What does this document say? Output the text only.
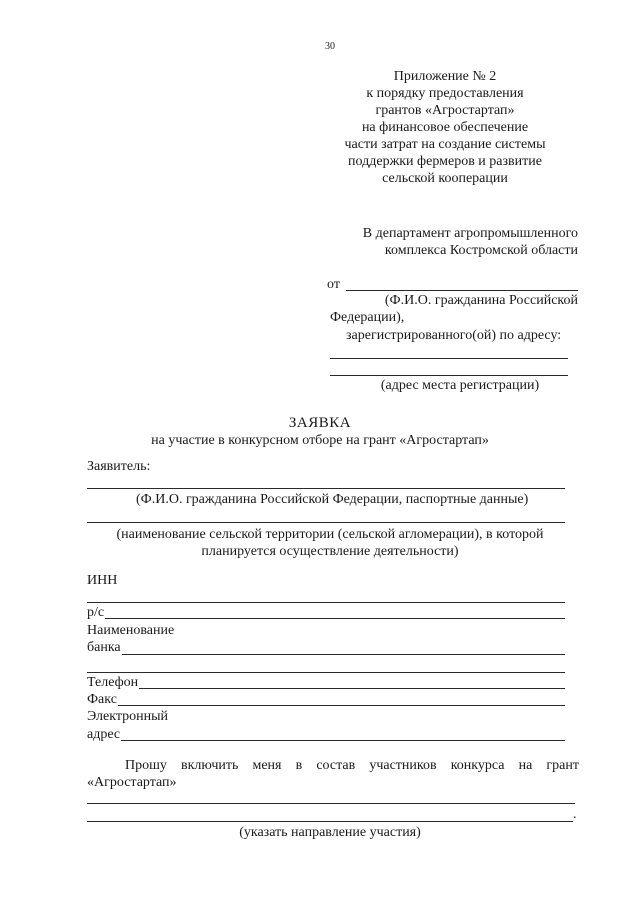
30
Приложение № 2
к порядку предоставления
грантов «Агростартап»
на финансовое обеспечение
части затрат на создание системы
поддержки фермеров и развитие
сельской кооперации
В департамент агропромышленного
комплекса Костромской области
от
(Ф.И.О. гражданина Российской
Федерации),
зарегистрированного(ой) по адресу:
(адрес места регистрации)
ЗАЯВКА
на участие в конкурсном отборе на грант «Агростартап»
Заявитель:
(Ф.И.О. гражданина Российской Федерации, паспортные данные)
(наименование сельской территории (сельской агломерации), в которой
планируется осуществление деятельности)
ИНН
р/с
Наименование
банка
Телефон
Факс
Электронный
адрес
Прошу включить меня в состав участников конкурса на грант
«Агростартап»
.
(указать направление участия)
